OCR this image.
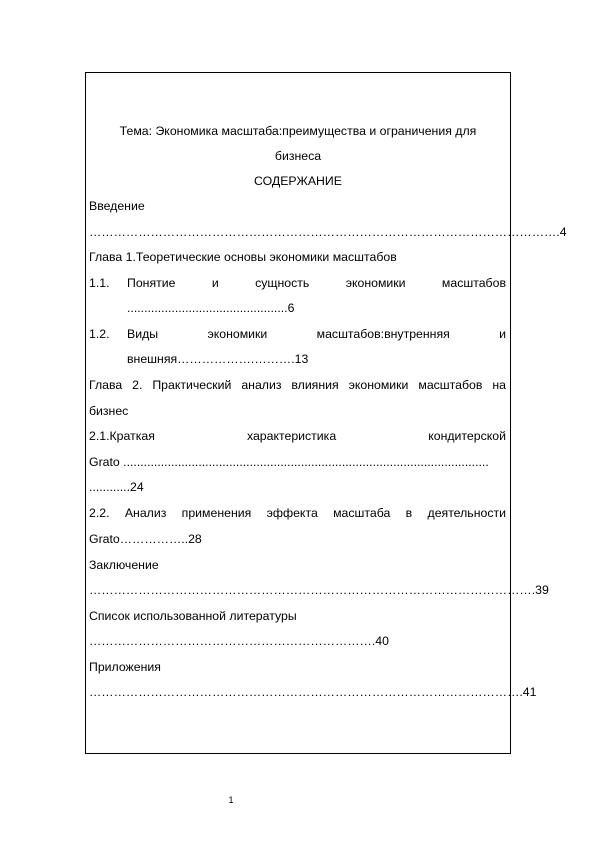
Тема: Экономика масштаба:преимущества и ограничения для
бизнеса
СОДЕРЖАНИЕ
Введение
…………………………………………………………………………………………………….4
Глава 1.Теоретические основы экономики масштабов
1.1. Понятие	и	сущность	экономики	масштабов
...............................................6
1.2. Виды	экономики	масштабов:внутренняя	и
внешняя……………….……….13
Глава 2. Практический анализ влияния экономики масштабов на
бизнес
2.1.Краткая	характеристика	кондитерской
Grato ...........................................................................................................
............24
2.2. Анализ применения эффекта масштаба в деятельности
Grato……………..28
Заключение
……………………………………………………………………………………………….39
Список использованной литературы
…………………………………………………………….40
Приложения
…………………………………………………………………………………………….41
1
